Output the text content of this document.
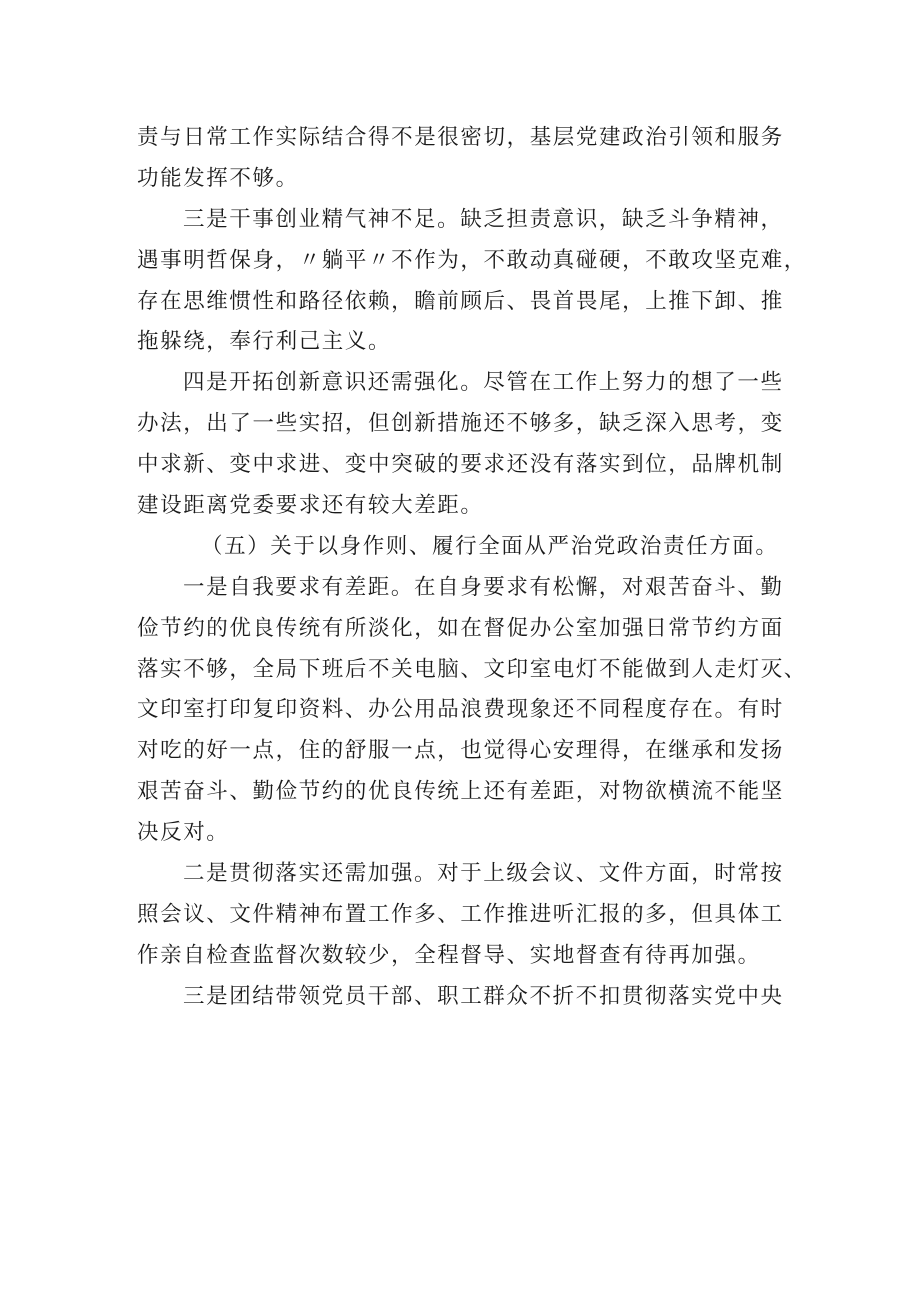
责与日常工作实际结合得不是很密切，基层党建政治引领和服务
功能发挥不够。
三是干事创业精气神不足。缺乏担责意识，缺乏斗争精神，
遇事明哲保身，〃躺平〃不作为，不敢动真碰硬，不敢攻坚克难，
存在思维惯性和路径依赖，瞻前顾后、畏首畏尾，上推下卸、推
拖躲绕，奉行利己主义。
四是开拓创新意识还需强化。尽管在工作上努力的想了一些
办法，出了一些实招，但创新措施还不够多，缺乏深入思考，变
中求新、变中求进、变中突破的要求还没有落实到位，品牌机制
建设距离党委要求还有较大差距。
（五）关于以身作则、履行全面从严治党政治责任方面。
一是自我要求有差距。在自身要求有松懈，对艰苦奋斗、勤
俭节约的优良传统有所淡化，如在督促办公室加强日常节约方面
落实不够，全局下班后不关电脑、文印室电灯不能做到人走灯灭、
文印室打印复印资料、办公用品浪费现象还不同程度存在。有时
对吃的好一点，住的舒服一点，也觉得心安理得，在继承和发扬
艰苦奋斗、勤俭节约的优良传统上还有差距，对物欲横流不能坚
决反对。
二是贯彻落实还需加强。对于上级会议、文件方面，时常按
照会议、文件精神布置工作多、工作推进听汇报的多，但具体工
作亲自检查监督次数较少，全程督导、实地督查有待再加强。
三是团结带领党员干部、职工群众不折不扣贯彻落实党中央
